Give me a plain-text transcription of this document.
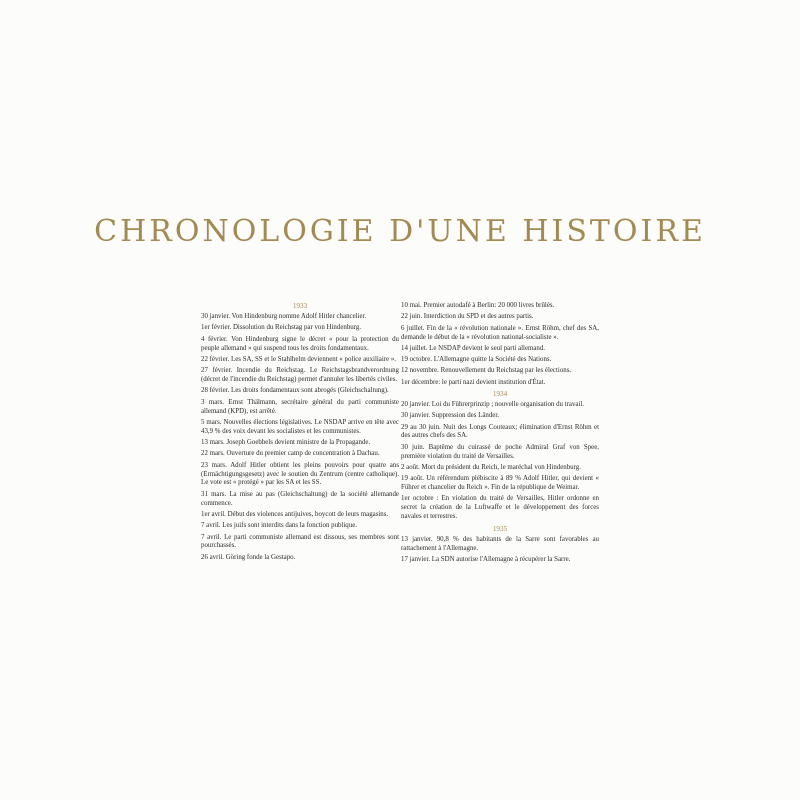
CHRONOLOGIE D'UNE HISTOIRE
1933

30 janvier. Von Hindenburg nomme Adolf Hitler chancelier.

1er février. Dissolution du Reichstag par von Hindenburg.

4 février. Von Hindenburg signe le décret « pour la protection du peuple allemand » qui suspend tous les droits fondamentaux.

22 février. Les SA, SS et le Stahlhelm deviennent « police auxiliaire ».

27 février. Incendie du Reichstag. Le Reichstagsbrandverordnung (décret de l'incendie du Reichstag) permet d'annuler les libertés civiles.

28 février. Les droits fondamentaux sont abrogés (Gleichschaltung).

3 mars. Ernst Thälmann, secrétaire général du parti communiste allemand (KPD), est arrêté.

5 mars. Nouvelles élections législatives. Le NSDAP arrive en tête avec 43,9 % des voix devant les socialistes et les communistes.

13 mars. Joseph Goebbels devient ministre de la Propagande.

22 mars. Ouverture du premier camp de concentration à Dachau.

23 mars. Adolf Hitler obtient les pleins pouvoirs pour quatre ans (Ermächtigungsgesetz) avec le soutien du Zentrum (centre catholique). Le vote est « protégé » par les SA et les SS.

31 mars. La mise au pas (Gleichschaltung) de la société allemande commence.

1er avril. Début des violences antijuives, boycott de leurs magasins.

7 avril. Les juifs sont interdits dans la fonction publique.

7 avril. Le parti communiste allemand est dissous, ses membres sont pourchassés.

26 avril. Göring fonde la Gestapo.

10 mai. Premier autodafé à Berlin: 20 000 livres brûlés.

22 juin. Interdiction du SPD et des autres partis.

6 juillet. Fin de la « révolution nationale ». Ernst Röhm, chef des SA, demande le début de la « révolution national-socialiste ».

14 juillet. Le NSDAP devient le seul parti allemand.

19 octobre. L'Allemagne quitte la Société des Nations.

12 novembre. Renouvellement du Reichstag par les élections.

1er décembre: le parti nazi devient institution d'État.

1934

20 janvier. Loi du Führerprinzip ; nouvelle organisation du travail.

30 janvier. Suppression des Länder.

29 au 30 juin. Nuit des Longs Couteaux; élimination d'Ernst Röhm et des autres chefs des SA.

30 juin. Baptême du cuirassé de poche Admiral Graf von Spee, première violation du traité de Versailles.

2 août. Mort du président du Reich, le maréchal von Hindenburg.

19 août. Un référendum plébiscite à 89 % Adolf Hitler, qui devient « Führer et chancelier du Reich ». Fin de la république de Weimar.

1er octobre : En violation du traité de Versailles, Hitler ordonne en secret la création de la Luftwaffe et le développement des forces navales et terrestres.

1935

13 janvier. 90,8 % des habitants de la Sarre sont favorables au rattachement à l'Allemagne.

17 janvier. La SDN autorise l'Allemagne à récupérer la Sarre.
